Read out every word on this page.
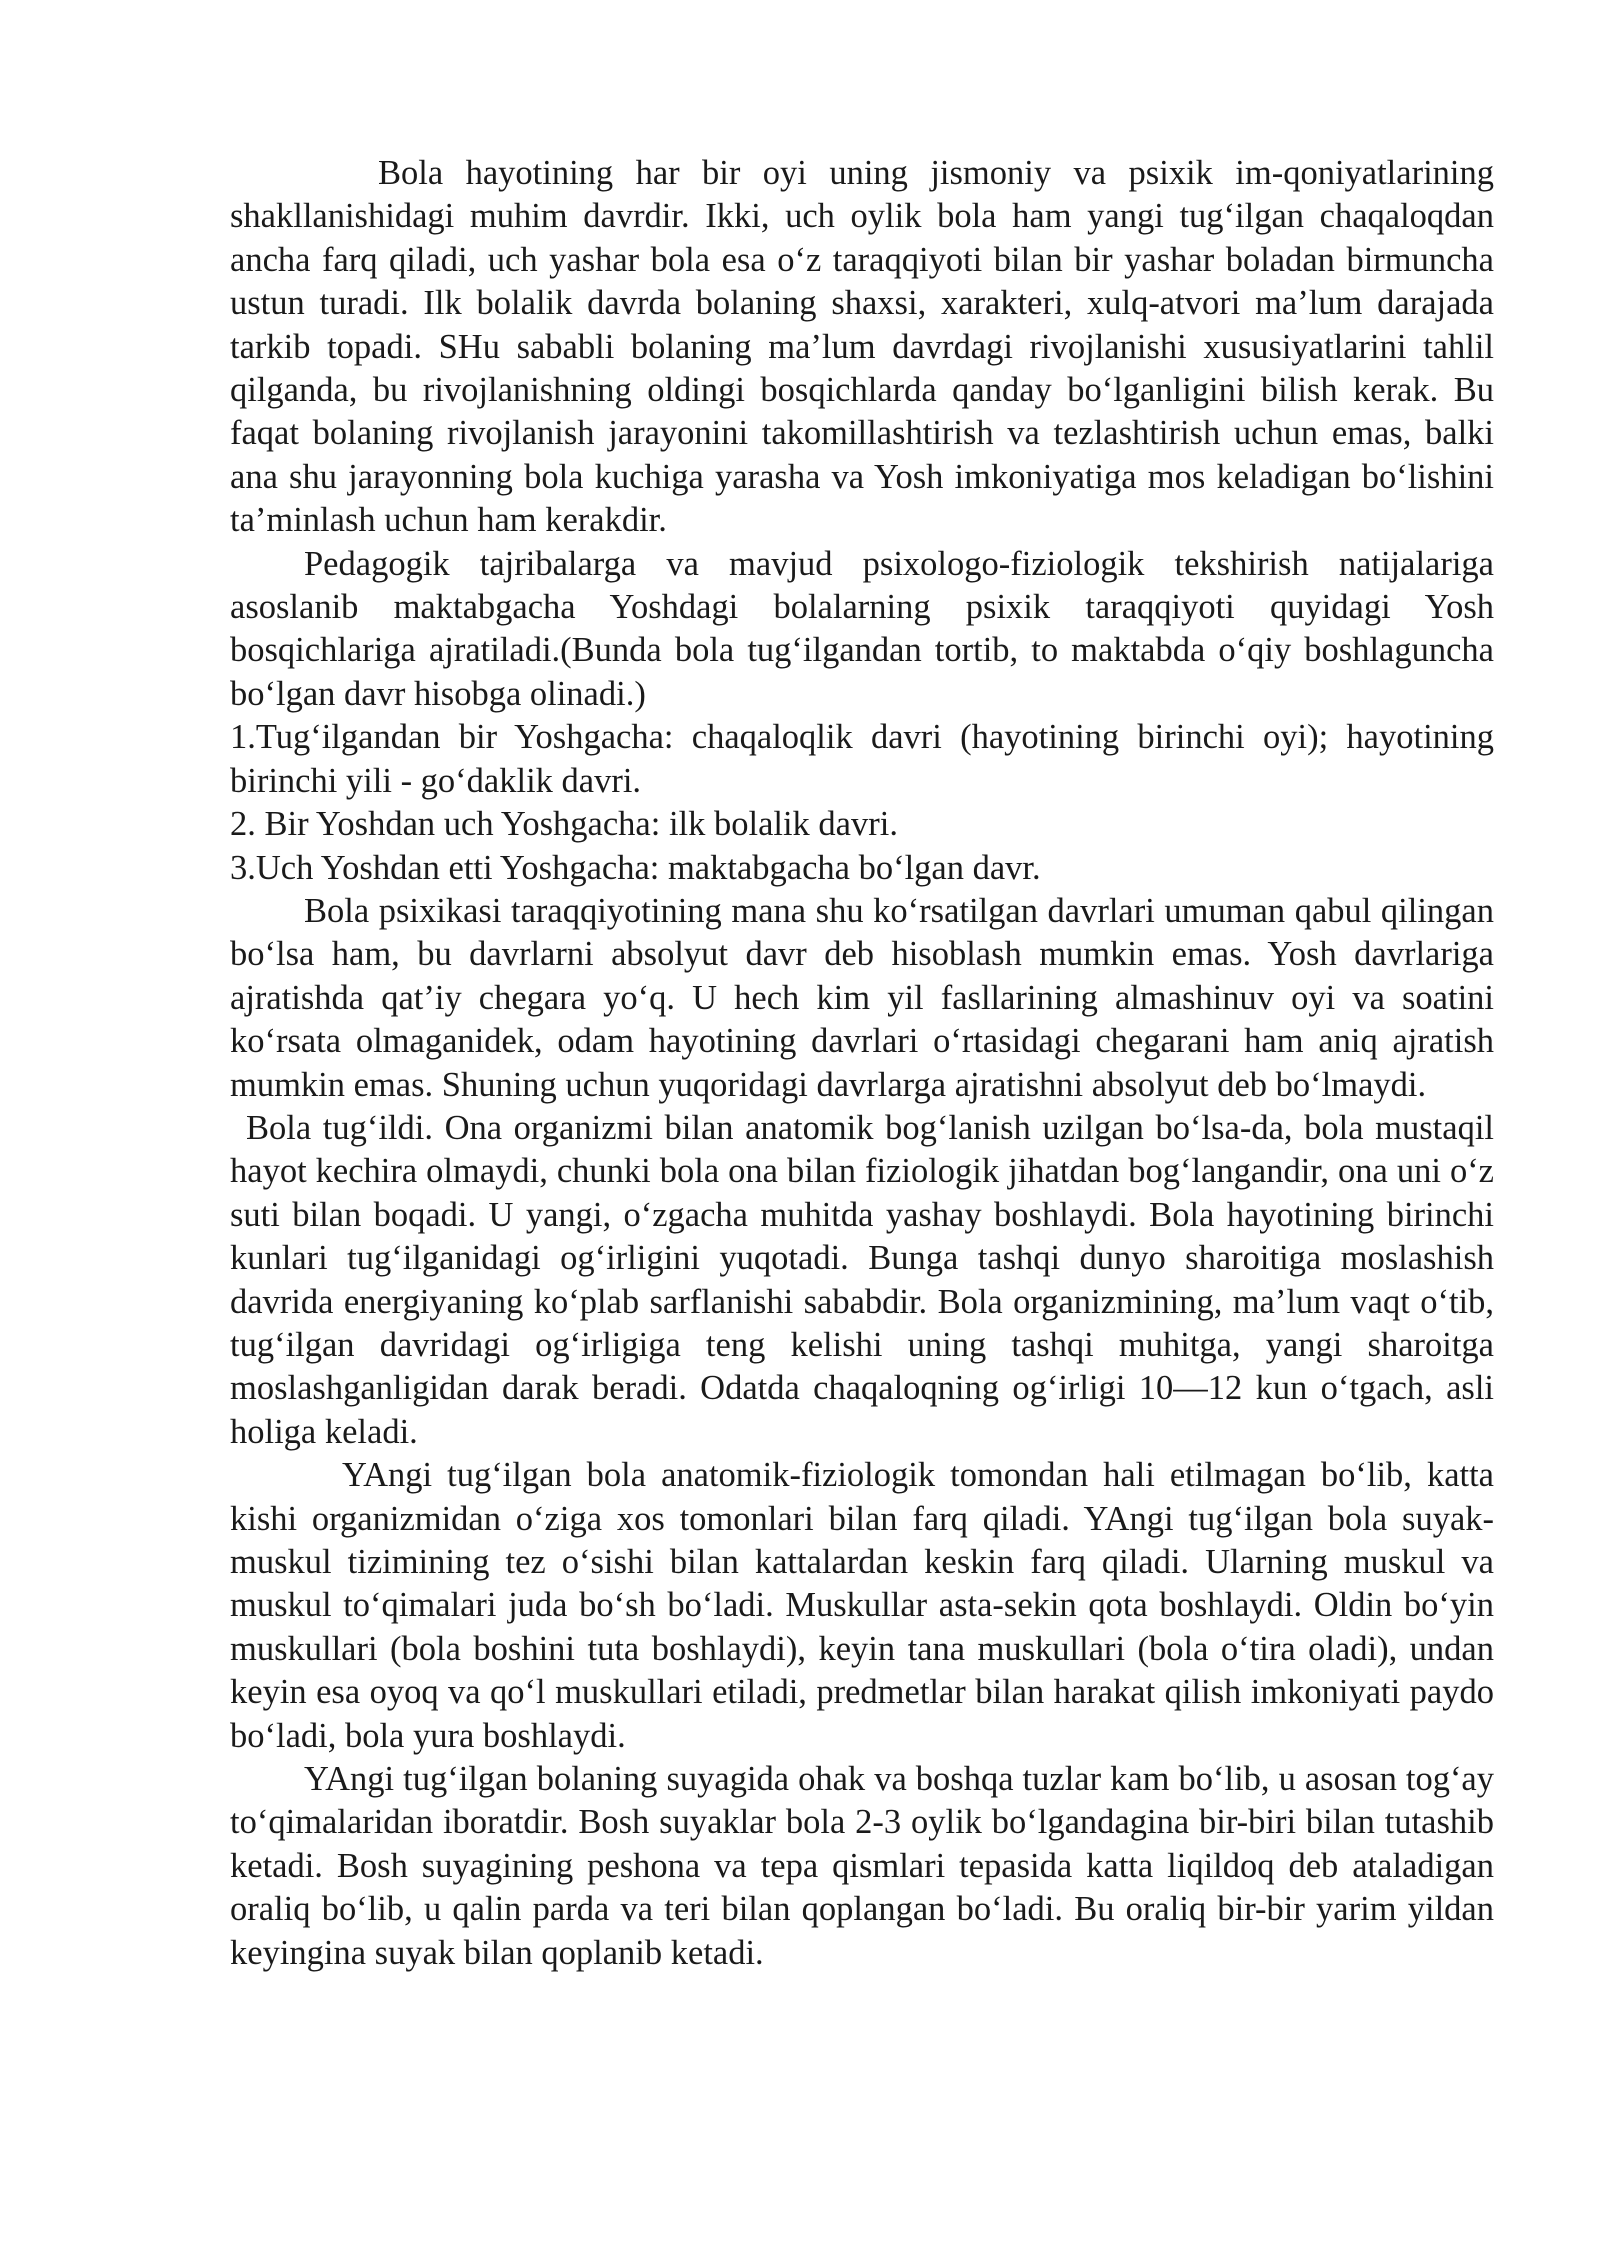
Bola hayotining har bir oyi uning jismoniy va psixik im-qoniyatlarining shakllanishidagi muhim davrdir. Ikki, uch oylik bola ham yangi tug‘ilgan chaqaloqdan ancha farq qiladi, uch yashar bola esa o‘z taraqqiyoti bilan bir yashar boladan birmuncha ustun turadi. Ilk bolalik davrda bolaning shaxsi, xarakteri, xulq-atvori ma’lum darajada tarkib topadi. SHu sababli bolaning ma’lum davrdagi rivojlanishi xususiyatlarini tahlil qilganda, bu rivojlanishning oldingi bosqichlarda qanday bo‘lganligini bilish kerak. Bu faqat bolaning rivojlanish jarayonini takomillashtirish va tezlashtirish uchun emas, balki ana shu jarayonning bola kuchiga yarasha va Yosh imkoniyatiga mos keladigan bo‘lishini ta’minlash uchun ham kerakdir.

Pedagogik tajribalarga va mavjud psixologo-fiziologik tekshirish natijalariga asoslanib maktabgacha Yoshdagi bolalarning psixik taraqqiyoti quyidagi Yosh bosqichlariga ajratiladi.(Bunda bola tug‘ilgandan tortib, to maktabda o‘qiy boshlaguncha bo‘lgan davr hisobga olinadi.)

1.Tug‘ilgandan bir Yoshgacha: chaqaloqlik davri (hayotining birinchi oyi); hayotining birinchi yili - go‘daklik davri.

2. Bir Yoshdan uch Yoshgacha: ilk bolalik davri.

3.Uch Yoshdan etti Yoshgacha: maktabgacha bo‘lgan davr.

Bola psixikasi taraqqiyotining mana shu ko‘rsatilgan davrlari umuman qabul qilingan bo‘lsa ham, bu davrlarni absolyut davr deb hisoblash mumkin emas. Yosh davrlariga ajratishda qat’iy chegara yo‘q. U hech kim yil fasllarining almashinuv oyi va soatini ko‘rsata olmaganidek, odam hayotining davrlari o‘rtasidagi chegarani ham aniq ajratish mumkin emas. Shuning uchun yuqoridagi davrlarga ajratishni absolyut deb bo‘lmaydi.

Bola tug‘ildi. Ona organizmi bilan anatomik bog‘lanish uzilgan bo‘lsa-da, bola mustaqil hayot kechira olmaydi, chunki bola ona bilan fiziologik jihatdan bog‘langandir, ona uni o‘z suti bilan boqadi. U yangi, o‘zgacha muhitda yashay boshlaydi. Bola hayotining birinchi kunlari tug‘ilganidagi og‘irligini yuqotadi. Bunga tashqi dunyo sharoitiga moslashish davrida energiyaning ko‘plab sarflanishi sababdir. Bola organizmining, ma’lum vaqt o‘tib, tug‘ilgan davridagi og‘irligiga teng kelishi uning tashqi muhitga, yangi sharoitga moslashganligidan darak beradi. Odatda chaqaloqning og‘irligi 10—12 kun o‘tgach, asli holiga keladi.

YAngi tug‘ilgan bola anatomik-fiziologik tomondan hali etilmagan bo‘lib, katta kishi organizmidan o‘ziga xos tomonlari bilan farq qiladi. YAngi tug‘ilgan bola suyak-muskul tizimining tez o‘sishi bilan kattalardan keskin farq qiladi. Ularning muskul va muskul to‘qimalari juda bo‘sh bo‘ladi. Muskullar asta-sekin qota boshlaydi. Oldin bo‘yin muskullari (bola boshini tuta boshlaydi), keyin tana muskullari (bola o‘tira oladi), undan keyin esa oyoq va qo‘l muskullari etiladi, predmetlar bilan harakat qilish imkoniyati paydo bo‘ladi, bola yura boshlaydi.

YAngi tug‘ilgan bolaning suyagida ohak va boshqa tuzlar kam bo‘lib, u asosan tog‘ay to‘qimalaridan iboratdir. Bosh suyaklar bola 2-3 oylik bo‘lgandagina bir-biri bilan tutashib ketadi. Bosh suyagining peshona va tepa qismlari tepasida katta liqildoq deb ataladigan oraliq bo‘lib, u qalin parda va teri bilan qoplangan bo‘ladi. Bu oraliq bir-bir yarim yildan keyingina suyak bilan qoplanib ketadi.
